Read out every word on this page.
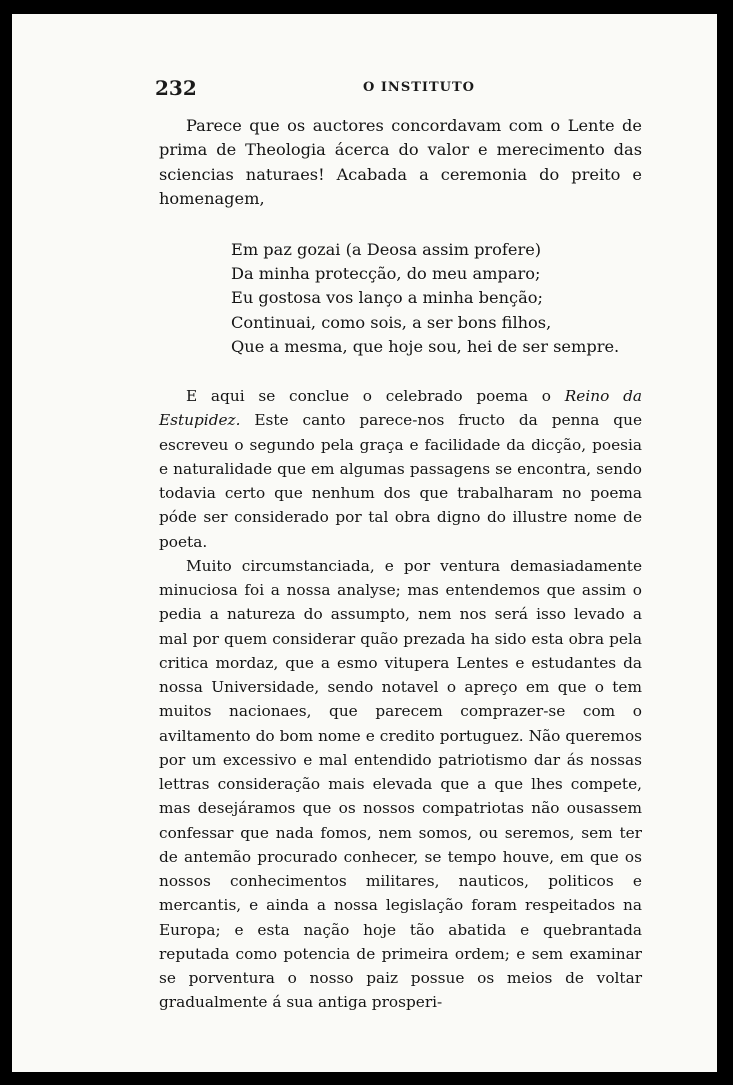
232	O INSTITUTO

Parece que os auctores concordavam com o Lente de prima de Theologia ácerca do valor e merecimento das sciencias naturaes! Acabada a ceremonia do preito e homenagem,

Em paz gozai (a Deosa assim profere)
Da minha protecção, do meu amparo;
Eu gostosa vos lanço a minha benção;
Continuai, como sois, a ser bons filhos,
Que a mesma, que hoje sou, hei de ser sempre.

E aqui se conclue o celebrado poema o Reino da Estupidez. Este canto parece-nos fructo da penna que escreveu o segundo pela graça e facilidade da dicção, poesia e naturalidade que em algumas passagens se encontra, sendo todavia certo que nenhum dos que trabalharam no poema póde ser considerado por tal obra digno do illustre nome de poeta.

Muito circumstanciada, e por ventura demasiadamente minuciosa foi a nossa analyse; mas entendemos que assim o pedia a natureza do assumpto, nem nos será isso levado a mal por quem considerar quão prezada ha sido esta obra pela critica mordaz, que a esmo vitupera Lentes e estudantes da nossa Universidade, sendo notavel o apreço em que o tem muitos nacionaes, que parecem comprazer-se com o aviltamento do bom nome e credito portuguez. Não queremos por um excessivo e mal entendido patriotismo dar ás nossas lettras consideração mais elevada que a que lhes compete, mas desejáramos que os nossos compatriotas não ousassem confessar que nada fomos, nem somos, ou seremos, sem ter de antemão procurado conhecer, se tempo houve, em que os nossos conhecimentos militares, nauticos, politicos e mercantis, e ainda a nossa legislação foram respeitados na Europa; e esta nação hoje tão abatida e quebrantada reputada como potencia de primeira ordem; e sem examinar se porventura o nosso paiz possue os meios de voltar gradualmente á sua antiga prosperi-
